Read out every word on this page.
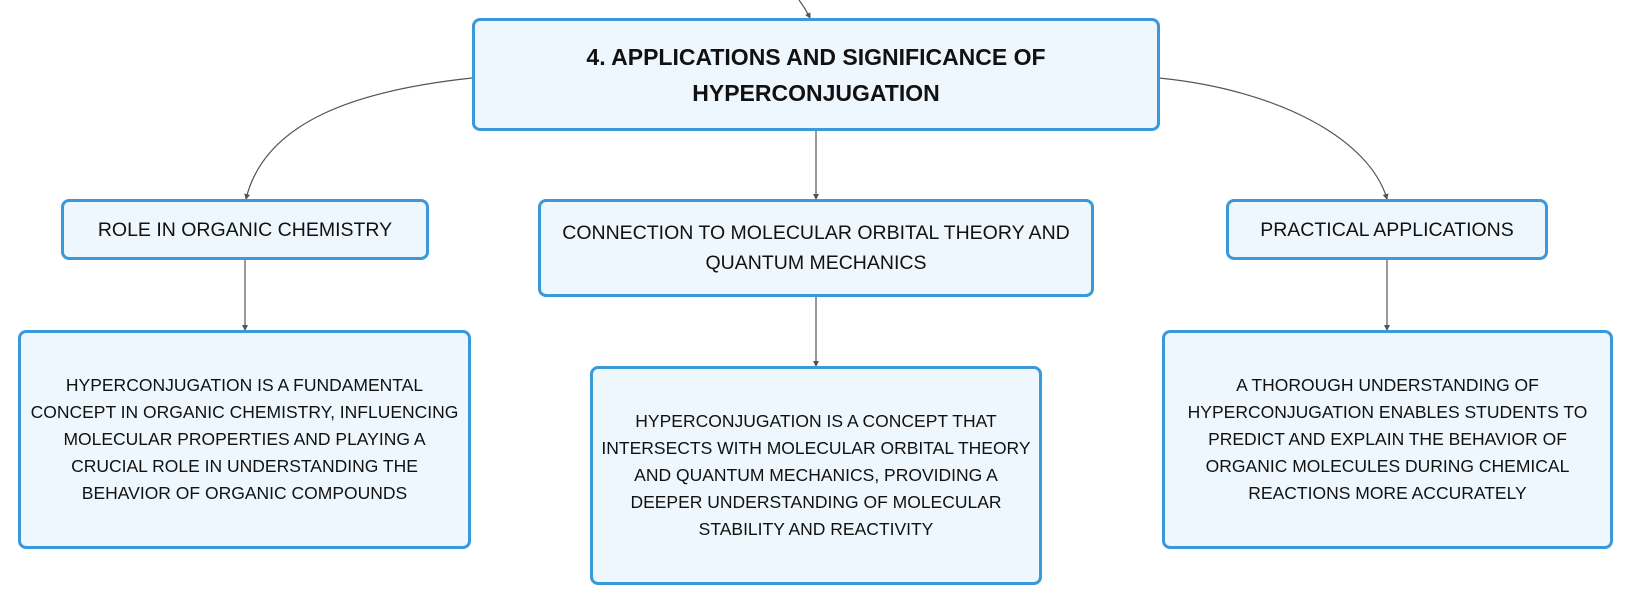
4. APPLICATIONS AND SIGNIFICANCE OF HYPERCONJUGATION
ROLE IN ORGANIC CHEMISTRY	CONNECTION TO MOLECULAR ORBITAL THEORY AND QUANTUM MECHANICS
PRACTICAL APPLICATIONS
HYPERCONJUGATION IS A FUNDAMENTAL CONCEPT IN ORGANIC CHEMISTRY, INFLUENCING MOLECULAR PROPERTIES AND PLAYING A CRUCIAL ROLE IN UNDERSTANDING THE BEHAVIOR OF ORGANIC COMPOUNDS
HYPERCONJUGATION IS A CONCEPT THAT INTERSECTS WITH MOLECULAR ORBITAL THEORY AND QUANTUM MECHANICS, PROVIDING A DEEPER UNDERSTANDING OF MOLECULAR STABILITY AND REACTIVITY
A THOROUGH UNDERSTANDING OF HYPERCONJUGATION ENABLES STUDENTS TO PREDICT AND EXPLAIN THE BEHAVIOR OF ORGANIC MOLECULES DURING CHEMICAL REACTIONS MORE ACCURATELY
